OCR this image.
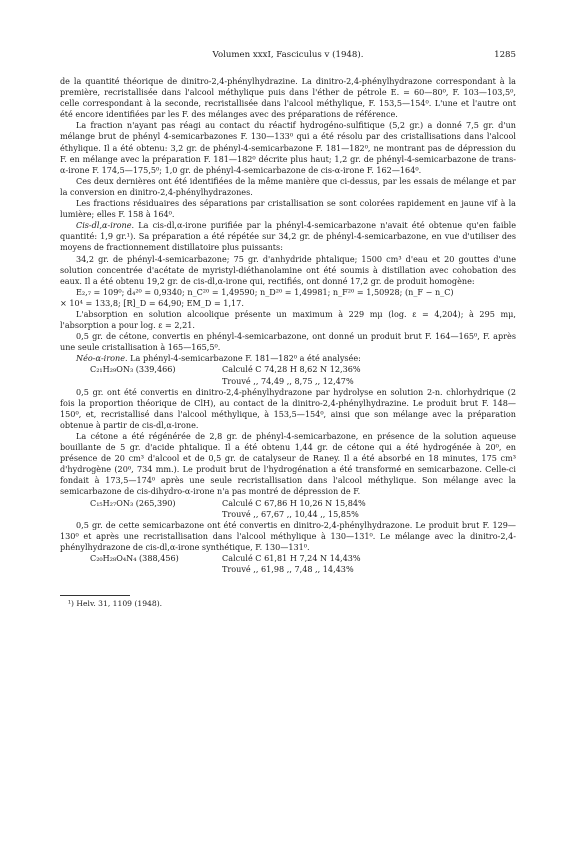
Volumen xxxI, Fasciculus v (1948).	1285

de la quantité théorique de dinitro-2,4-phénylhydrazine. La dinitro-2,4-phénylhydrazone correspondant à la première, recristallisée dans l'alcool méthylique puis dans l'éther de pétrole E. = 60—80⁰, F. 103—103,5⁰, celle correspondant à la seconde, recristallisée dans l'alcool méthylique, F. 153,5—154⁰. L'une et l'autre ont été encore identifiées par les F. des mélanges avec des préparations de référence.

La fraction n'ayant pas réagi au contact du réactif hydrogéno-sulfitique (5,2 gr.) a donné 7,5 gr. d'un mélange brut de phényl 4-semicarbazones F. 130—133⁰ qui a été résolu par des cristallisations dans l'alcool éthylique. Il a été obtenu: 3,2 gr. de phényl-4-semicarbazone F. 181—182⁰, ne montrant pas de dépression du F. en mélange avec la préparation F. 181—182⁰ décrite plus haut; 1,2 gr. de phényl-4-semicarbazone de trans-α-irone F. 174,5—175,5⁰; 1,0 gr. de phényl-4-semicarbazone de cis-α-irone F. 162—164⁰.

Ces deux dernières ont été identifiées de la même manière que ci-dessus, par les essais de mélange et par la conversion en dinitro-2,4-phénylhydrazones.

Les fractions résiduaires des séparations par cristallisation se sont colorées rapidement en jaune vif à la lumière; elles F. 158 à 164⁰.

Cis-dl,α-irone. La cis-dl,α-irone purifiée par la phényl-4-semicarbazone n'avait été obtenue qu'en faible quantité: 1,9 gr.¹). Sa préparation a été répétée sur 34,2 gr. de phényl-4-semicarbazone, en vue d'utiliser des moyens de fractionnement distillatoire plus puissants:

34,2 gr. de phényl-4-semicarbazone; 75 gr. d'anhydride phtalique; 1500 cm³ d'eau et 20 gouttes d'une solution concentrée d'acétate de myristyl-diéthanolamine ont été soumis à distillation avec cohobation des eaux. Il a été obtenu 19,2 gr. de cis-dl,α-irone qui, rectifiés, ont donné 17,2 gr. de produit homogène:

E₂,₇ = 109⁰; d₄²⁰ = 0,9340; n_C²⁰ = 1,49590; n_D²⁰ = 1,49981; n_F²⁰ = 1,50928; (n_F − n_C)

× 10⁴ = 133,8; [R]_D = 64,90; EM_D = 1,17.

L'absorption en solution alcoolique présente un maximum à 229 mμ (log. ε = 4,204); à 295 mμ, l'absorption a pour log. ε = 2,21.

0,5 gr. de cétone, convertis en phényl-4-semicarbazone, ont donné un produit brut F. 164—165⁰, F. après une seule cristallisation à 165—165,5⁰.

Néo-α-irone. La phényl-4-semicarbazone F. 181—182⁰ a été analysée:

C₂₁H₂₉ON₃ (339,466)	Calculé C 74,28 H 8,62 N 12,36%
Trouvé ,, 74,49 ,, 8,75 ,, 12,47%

0,5 gr. ont été convertis en dinitro-2,4-phénylhydrazone par hydrolyse en solution 2-n. chlorhydrique (2 fois la proportion théorique de ClH), au contact de la dinitro-2,4-phénylhydrazine. Le produit brut F. 148—150⁰, et, recristallisé dans l'alcool méthylique, à 153,5—154⁰, ainsi que son mélange avec la préparation obtenue à partir de cis-dl,α-irone.

La cétone a été régénérée de 2,8 gr. de phényl-4-semicarbazone, en présence de la solution aqueuse bouillante de 5 gr. d'acide phtalique. Il a été obtenu 1,44 gr. de cétone qui a été hydrogénée à 20⁰, en présence de 20 cm³ d'alcool et de 0,5 gr. de catalyseur de Raney. Il a été absorbé en 18 minutes, 175 cm³ d'hydrogène (20⁰, 734 mm.). Le produit brut de l'hydrogénation a été transformé en semicarbazone. Celle-ci fondait à 173,5—174⁰ après une seule recristallisation dans l'alcool méthylique. Son mélange avec la semicarbazone de cis-dihydro-α-irone n'a pas montré de dépression de F.

C₁₅H₂₇ON₃ (265,390)	Calculé C 67,86 H 10,26 N 15,84%
Trouvé ,, 67,67 ,, 10,44 ,, 15,85%

0,5 gr. de cette semicarbazone ont été convertis en dinitro-2,4-phénylhydrazone. Le produit brut F. 129—130⁰ et après une recristallisation dans l'alcool méthylique à 130—131⁰. Le mélange avec la dinitro-2,4-phénylhydrazone de cis-dl,α-irone synthétique, F. 130—131⁰.

C₂₀H₂₈O₄N₄ (388,456)	Calculé C 61,81 H 7,24 N 14,43%
Trouvé ,, 61,98 ,, 7,48 ,, 14,43%
¹) Helv. 31, 1109 (1948).
